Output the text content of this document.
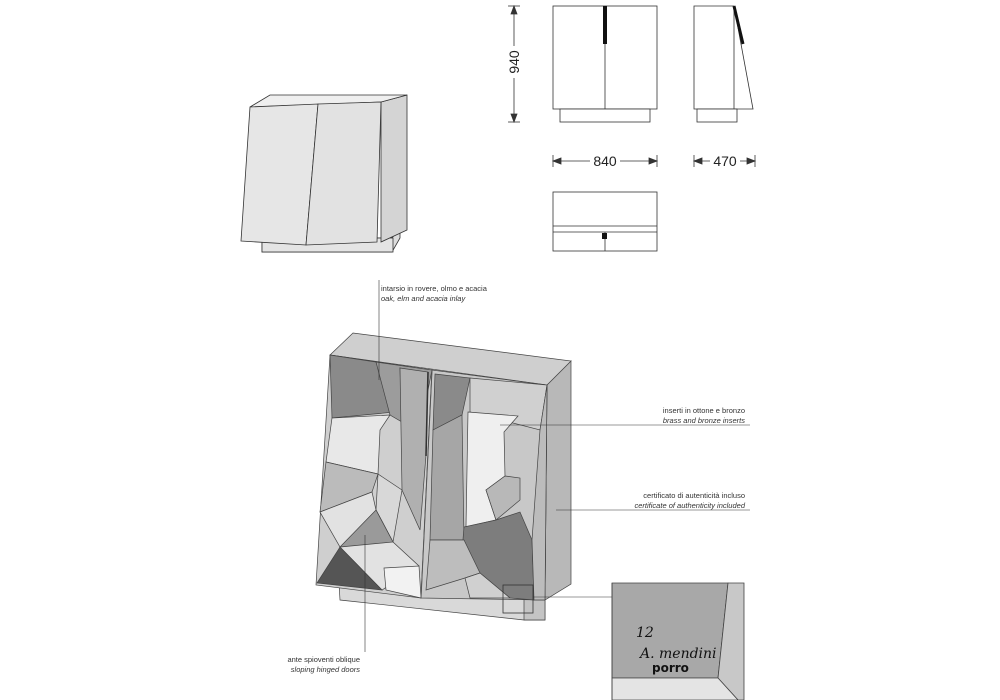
940
840	470
12
A. mendini
porro
intarsio in rovere, olmo e acacia
oak, elm and acacia inlay
inserti in ottone e bronzo
brass and bronze inserts
certificato di autenticità incluso
certificate of authenticity included
ante spioventi oblique
sloping hinged doors
